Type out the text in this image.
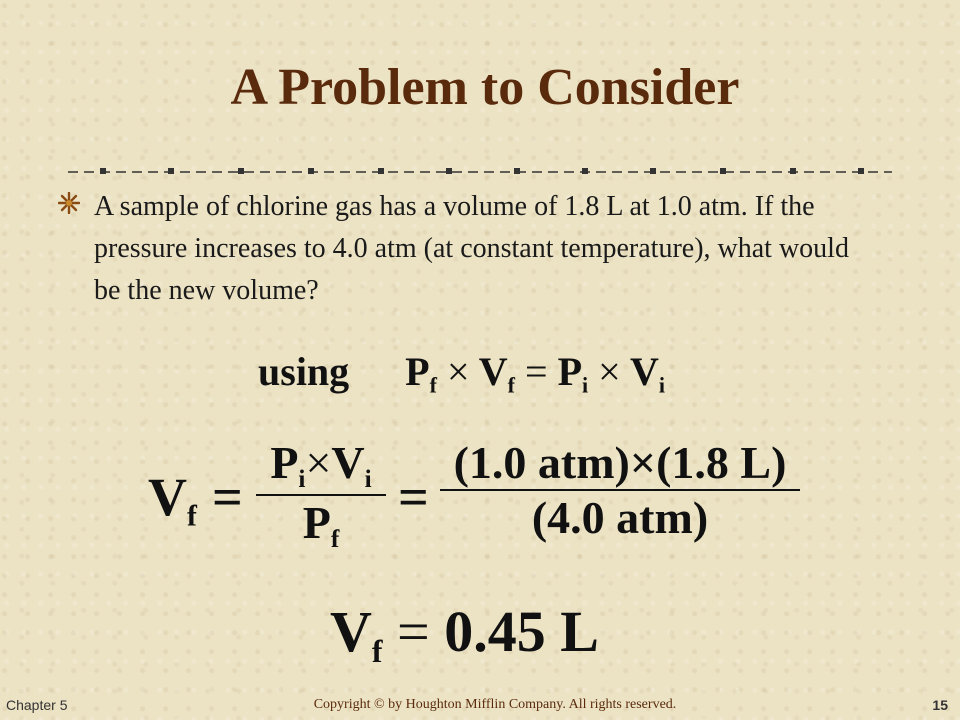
A Problem to Consider

A sample of chlorine gas has a volume of 1.8 L at 1.0 atm. If the pressure increases to 4.0 atm (at constant temperature), what would be the new volume?

using $P_f \times V_f = P_i \times V_i$
$V_f$ =
$P_i\times V_i$
$P_f$
=
(1.0 atm)×(1.8 L)
(4.0 atm)
$V_f = 0.45$ L
Chapter 5	Copyright © by Houghton Mifflin Company. All rights reserved.	15
